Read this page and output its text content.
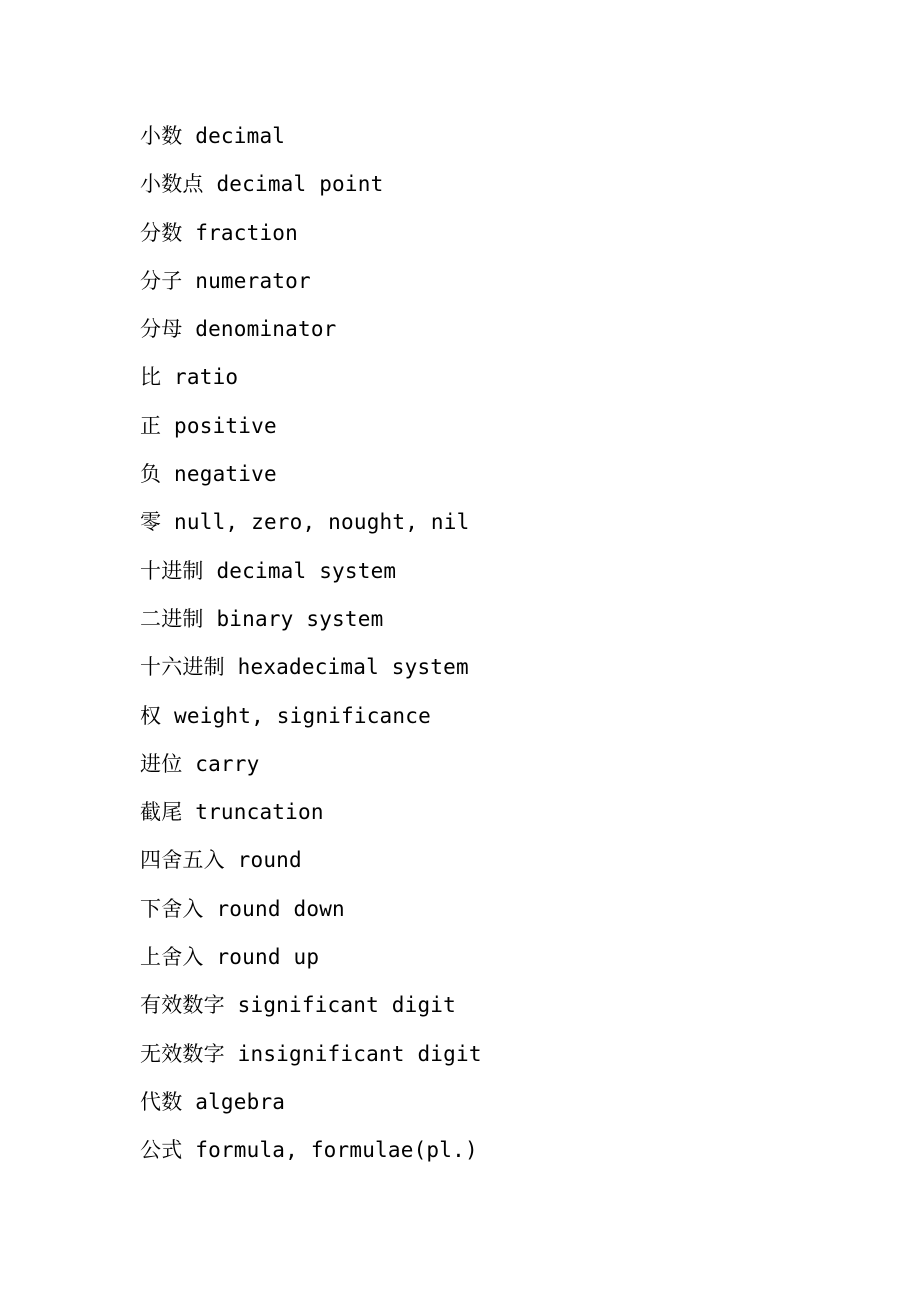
小数 decimal
小数点 decimal point
分数 fraction
分子 numerator
分母 denominator
比 ratio
正 positive
负 negative
零 null, zero, nought, nil
十进制 decimal system
二进制 binary system
十六进制 hexadecimal system
权 weight, significance
进位 carry
截尾 truncation
四舍五入 round
下舍入 round down
上舍入 round up
有效数字 significant digit
无效数字 insignificant digit
代数 algebra
公式 formula, formulae(pl.)
